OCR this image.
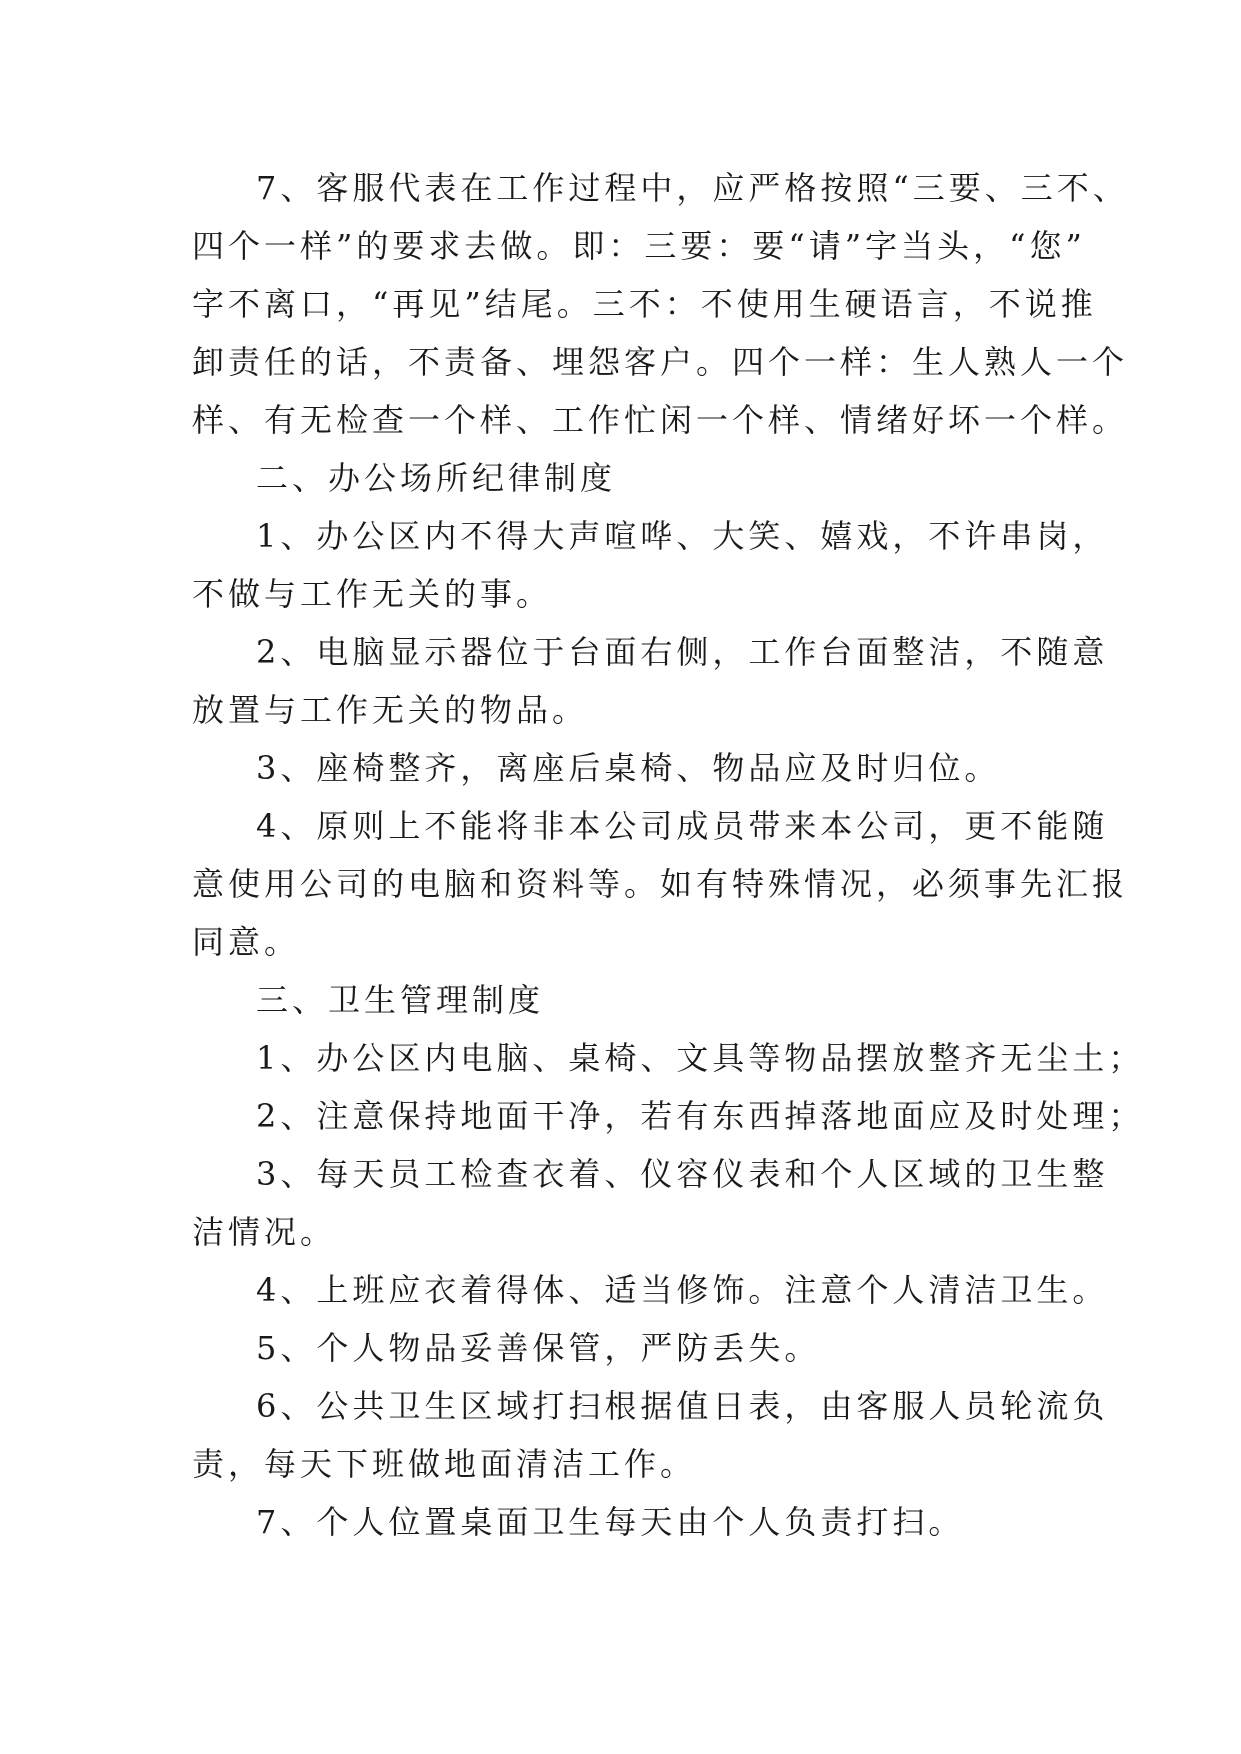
7、客服代表在工作过程中，应严格按照“三要、三不、
四个一样”的要求去做。即：三要：要“请”字当头，“您”
字不离口，“再见”结尾。三不：不使用生硬语言，不说推
卸责任的话，不责备、埋怨客户。四个一样：生人熟人一个
样、有无检查一个样、工作忙闲一个样、情绪好坏一个样。
二、办公场所纪律制度
1、办公区内不得大声喧哗、大笑、嬉戏，不许串岗，
不做与工作无关的事。
2、电脑显示器位于台面右侧，工作台面整洁，不随意
放置与工作无关的物品。
3、座椅整齐，离座后桌椅、物品应及时归位。
4、原则上不能将非本公司成员带来本公司，更不能随
意使用公司的电脑和资料等。如有特殊情况，必须事先汇报
同意。
三、卫生管理制度
1、办公区内电脑、桌椅、文具等物品摆放整齐无尘土；
2、注意保持地面干净，若有东西掉落地面应及时处理；
3、每天员工检查衣着、仪容仪表和个人区域的卫生整
洁情况。
4、上班应衣着得体、适当修饰。注意个人清洁卫生。
5、个人物品妥善保管，严防丢失。
6、公共卫生区域打扫根据值日表，由客服人员轮流负
责，每天下班做地面清洁工作。
7、个人位置桌面卫生每天由个人负责打扫。
